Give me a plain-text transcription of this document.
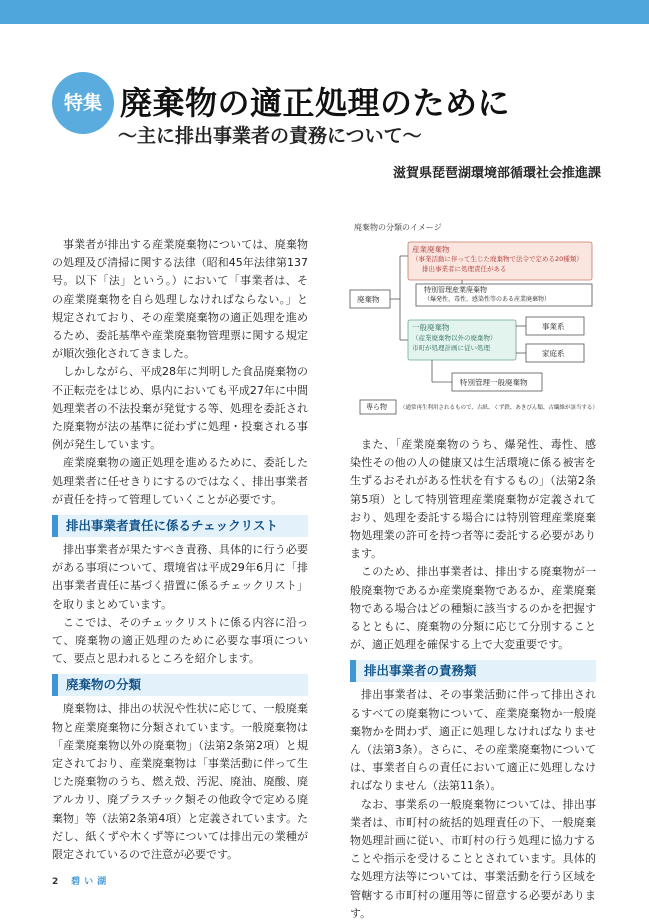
特集 廃棄物の適正処理のために
〜主に排出事業者の責務について〜
滋賀県琵琶湖環境部循環社会推進課

事業者が排出する産業廃棄物については、廃棄物の処理及び清掃に関する法律（昭和45年法律第137号。以下「法」という。）において「事業者は、その産業廃棄物を自ら処理しなければならない。」と規定されており、その産業廃棄物の適正処理を進めるため、委託基準や産業廃棄物管理票に関する規定が順次強化されてきました。

しかしながら、平成28年に判明した食品廃棄物の不正転売をはじめ、県内においても平成27年に中間処理業者の不法投棄が発覚する等、処理を委託された廃棄物が法の基準に従わずに処理・投棄される事例が発生しています。

産業廃棄物の適正処理を進めるために、委託した処理業者に任せきりにするのではなく、排出事業者が責任を持って管理していくことが必要です。

排出事業者責任に係るチェックリスト

排出事業者が果たすべき責務、具体的に行う必要がある事項について、環境省は平成29年6月に「排出事業者責任に基づく措置に係るチェックリスト」を取りまとめています。

ここでは、そのチェックリストに係る内容に沿って、廃棄物の適正処理のために必要な事項について、要点と思われるところを紹介します。

廃棄物の分類

廃棄物は、排出の状況や性状に応じて、一般廃棄物と産業廃棄物に分類されています。一般廃棄物は「産業廃棄物以外の廃棄物」（法第2条第2項）と規定されており、産業廃棄物は「事業活動に伴って生じた廃棄物のうち、燃え殻、汚泥、廃油、廃酸、廃アルカリ、廃プラスチック類その他政令で定める廃棄物」等（法第2条第4項）と定義されています。ただし、紙くずや木くず等については排出元の業種が限定されているので注意が必要です。

廃棄物の分類のイメージ
廃棄物
産業廃棄物
（事業活動に伴って生じた廃棄物で法令で定める20種類）
排出事業者に処理責任がある
特別管理産業廃棄物
（爆発性、毒性、感染性等のある産業廃棄物）
一般廃棄物
（産業廃棄物以外の廃棄物）
市町が処理計画に従い処理
事業系
家庭系
特別管理一般廃棄物
専ら物 （通常再生利用されるもので、古紙、くず鉄、あきびん類、古繊維が該当する）

また、「産業廃棄物のうち、爆発性、毒性、感染性その他の人の健康又は生活環境に係る被害を生ずるおそれがある性状を有するもの」（法第2条第5項）として特別管理産業廃棄物が定義されており、処理を委託する場合には特別管理産業廃棄物処理業の許可を持つ者等に委託する必要があります。

このため、排出事業者は、排出する廃棄物が一般廃棄物であるか産業廃棄物であるか、産業廃棄物である場合はどの種類に該当するのかを把握するとともに、廃棄物の分類に応じて分別することが、適正処理を確保する上で大変重要です。

排出事業者の責務類

排出事業者は、その事業活動に伴って排出されるすべての廃棄物について、産業廃棄物か一般廃棄物かを問わず、適正に処理しなければなりません（法第3条）。さらに、その産業廃棄物については、事業者自らの責任において適正に処理しなければなりません（法第11条）。

なお、事業系の一般廃棄物については、排出事業者は、市町村の統括的処理責任の下、一般廃棄物処理計画に従い、市町村の行う処理に協力することや指示を受けることとされています。具体的な処理方法等については、事業活動を行う区域を管轄する市町村の運用等に留意する必要があります。

2 碧い湖
